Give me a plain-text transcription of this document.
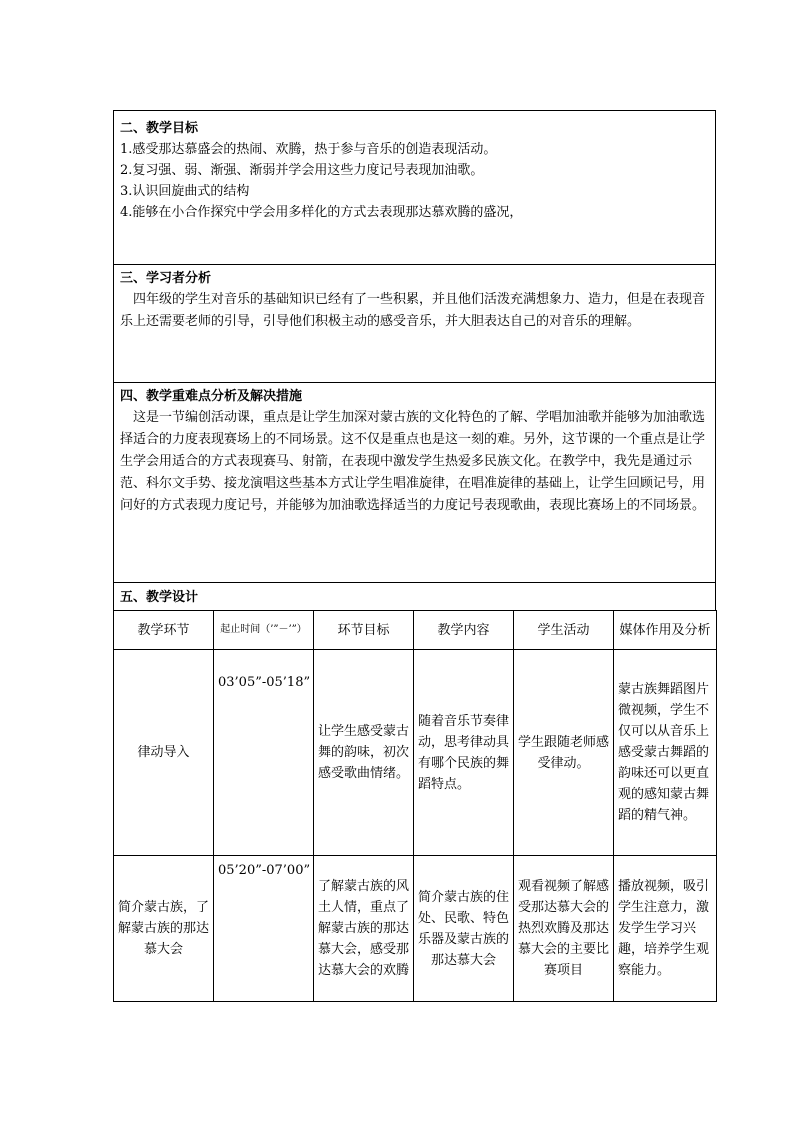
二、教学目标
1.感受那达慕盛会的热闹、欢腾，热于参与音乐的创造表现活动。
2.复习强、弱、渐强、渐弱并学会用这些力度记号表现加油歌。
3.认识回旋曲式的结构
4.能够在小合作探究中学会用多样化的方式去表现那达慕欢腾的盛况，
三、学习者分析
　四年级的学生对音乐的基础知识已经有了一些积累，并且他们活泼充满想象力、造力，但是在表现音乐上还需要老师的引导，引导他们积极主动的感受音乐，并大胆表达自己的对音乐的理解。
四、教学重难点分析及解决措施
　这是一节编创活动课，重点是让学生加深对蒙古族的文化特色的了解、学唱加油歌并能够为加油歌选择适合的力度表现赛场上的不同场景。这不仅是重点也是这一刻的难。另外，这节课的一个重点是让学生学会用适合的方式表现赛马、射箭，在表现中激发学生热爱多民族文化。在教学中，我先是通过示范、科尔文手势、接龙演唱这些基本方式让学生唱准旋律，在唱准旋律的基础上，让学生回顾记号，用问好的方式表现力度记号，并能够为加油歌选择适当的力度记号表现歌曲，表现比赛场上的不同场景。
五、教学设计
教学环节	起止时间（’”－’”）	环节目标	教学内容	学生活动	媒体作用及分析
律动导入	03’05”-05’18”	让学生感受蒙古舞的韵味，初次感受歌曲情绪。	随着音乐节奏律动，思考律动具有哪个民族的舞蹈特点。	学生跟随老师感受律动。	蒙古族舞蹈图片微视频，学生不仅可以从音乐上感受蒙古舞蹈的韵味还可以更直观的感知蒙古舞蹈的精气神。
简介蒙古族，了解蒙古族的那达慕大会	05’20”-07’00”	了解蒙古族的风土人情，重点了解蒙古族的那达慕大会，感受那达慕大会的欢腾	简介蒙古族的住处、民歌、特色乐器及蒙古族的那达慕大会	观看视频了解感受那达慕大会的热烈欢腾及那达慕大会的主要比赛项目	播放视频，吸引学生注意力，激发学生学习兴趣，培养学生观察能力。
